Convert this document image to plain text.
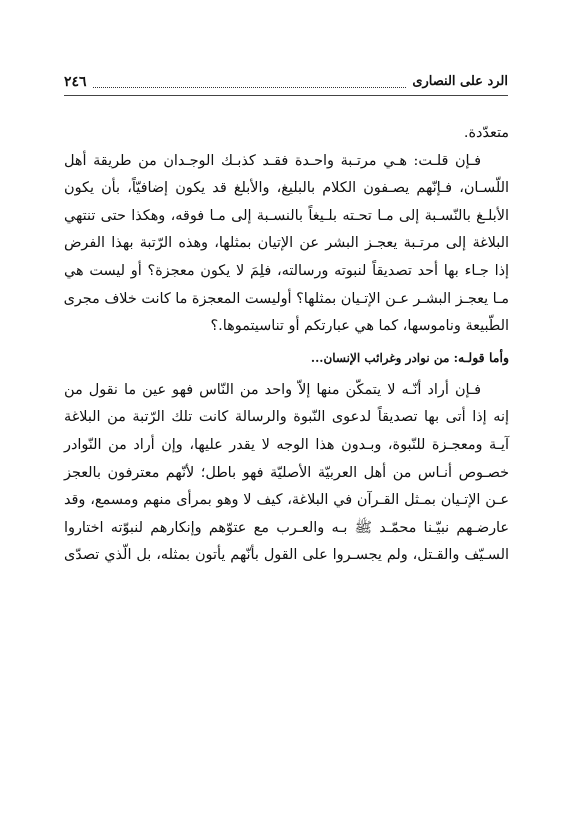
٢٤٦	الرد على النصارى
متعدّدة.
فـإن قلـت: هـي مرتـبة واحـدة فقـد كذبـك الوجـدان من طريقة أهل
اللّسـان، فـإنّهم يصـفون الكلام بالبليغ، والأبلغ قد يكون إضافيّاً، بأن يكون
الأبلـغ بالنّسـبة إلى مـا تحـته بلـيغاً بالنسـبة إلى مـا فوقه، وهكذا حتى تنتهي
البلاغة إلى مرتـبة يعجـز البشر عن الإتيان بمثلها، وهذه الرّتبة بهذا الفرض
إذا جـاء بها أحد تصديقاً لنبوته ورسالته، فلِمَ لا يكون معجزة؟ أو ليست هي
مـا يعجـز البشـر عـن الإتـيان بمثلها؟ أوليست المعجزة ما كانت خلاف مجرى
الطّبيعة وناموسها، كما هي عبارتكم أو تناسيتموها.؟
وأما قولـه: من نوادر وغرائب الإنسان...
فـإن أراد أنّـه لا يتمكّن منها إلاّ واحد من النّاس فهو عين ما نقول من
إنه إذا أتى بها تصديقاً لدعوى النّبوة والرسالة كانت تلك الرّتبة من البلاغة
آيـة ومعجـزة للنّبوة، وبـدون هذا الوجه لا يقدر عليها، وإن أراد من النّوادر
خصـوص أنـاس من أهل العربيّة الأصليّة فهو باطل؛ لأنّهم معترفون بالعجز
عـن الإتـيان بمـثل القـرآن في البلاغة، كيف لا وهو بمرأى منهم ومسمع، وقد
عارضـهم نبيّـنا محمّـد ﷺ بـه والعـرب مع عتوّهم وإنكارهم لنبوّته اختاروا
السـيّف والقـتل، ولم يجسـروا على القول بأنّهم يأتون بمثله، بل الّذي تصدّى
